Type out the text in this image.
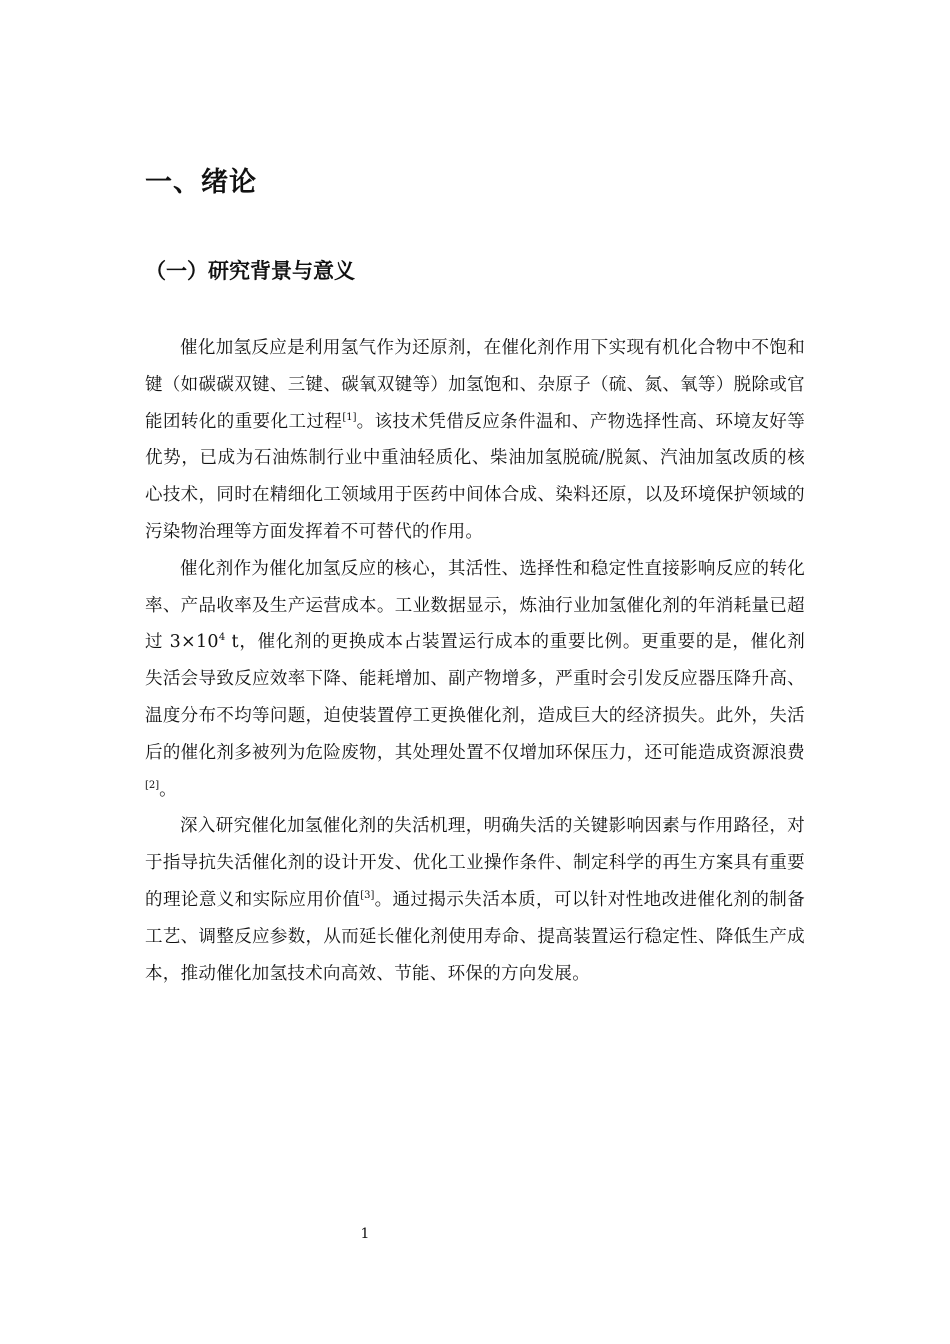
一、绪论
（一）研究背景与意义

催化加氢反应是利用氢气作为还原剂，在催化剂作用下实现有机化合物中不饱和键（如碳碳双键、三键、碳氧双键等）加氢饱和、杂原子（硫、氮、氧等）脱除或官能团转化的重要化工过程[1]。该技术凭借反应条件温和、产物选择性高、环境友好等优势，已成为石油炼制行业中重油轻质化、柴油加氢脱硫/脱氮、汽油加氢改质的核心技术，同时在精细化工领域用于医药中间体合成、染料还原，以及环境保护领域的污染物治理等方面发挥着不可替代的作用。

催化剂作为催化加氢反应的核心，其活性、选择性和稳定性直接影响反应的转化率、产品收率及生产运营成本。工业数据显示，炼油行业加氢催化剂的年消耗量已超过 $3\times 10^4$ t，催化剂的更换成本占装置运行成本的重要比例。更重要的是，催化剂失活会导致反应效率下降、能耗增加、副产物增多，严重时会引发反应器压降升高、温度分布不均等问题，迫使装置停工更换催化剂，造成巨大的经济损失。此外，失活后的催化剂多被列为危险废物，其处理处置不仅增加环保压力，还可能造成资源浪费[2]。

深入研究催化加氢催化剂的失活机理，明确失活的关键影响因素与作用路径，对于指导抗失活催化剂的设计开发、优化工业操作条件、制定科学的再生方案具有重要的理论意义和实际应用价值[3]。通过揭示失活本质，可以针对性地改进催化剂的制备工艺、调整反应参数，从而延长催化剂使用寿命、提高装置运行稳定性、降低生产成本，推动催化加氢技术向高效、节能、环保的方向发展。

1
